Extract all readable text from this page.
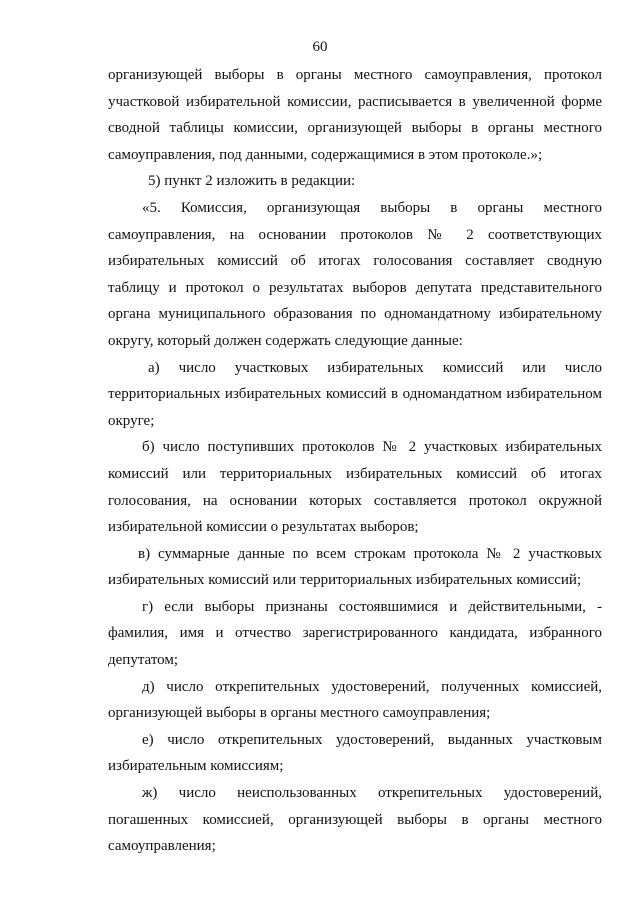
60

организующей выборы в органы местного самоуправления, протокол участковой избирательной комиссии, расписывается в увеличенной форме сводной таблицы комиссии, организующей выборы в органы местного самоуправления, под данными, содержащимися в этом протоколе.»;

5) пункт 2 изложить в редакции:

«5. Комиссия, организующая выборы в органы местного самоуправления, на основании протоколов № 2 соответствующих избирательных комиссий об итогах голосования составляет сводную таблицу и протокол о результатах выборов депутата представительного органа муниципального образования по одномандатному избирательному округу, который должен содержать следующие данные:

а) число участковых избирательных комиссий или число территориальных избирательных комиссий в одномандатном избирательном округе;

б) число поступивших протоколов № 2 участковых избирательных комиссий или территориальных избирательных комиссий об итогах голосования, на основании которых составляется протокол окружной избирательной комиссии о результатах выборов;

в) суммарные данные по всем строкам протокола № 2 участковых избирательных комиссий или территориальных избирательных комиссий;

г) если выборы признаны состоявшимися и действительными, - фамилия, имя и отчество зарегистрированного кандидата, избранного депутатом;

д) число открепительных удостоверений, полученных комиссией, организующей выборы в органы местного самоуправления;

е) число открепительных удостоверений, выданных участковым избирательным комиссиям;

ж) число неиспользованных открепительных удостоверений, погашенных комиссией, организующей выборы в органы местного самоуправления;
